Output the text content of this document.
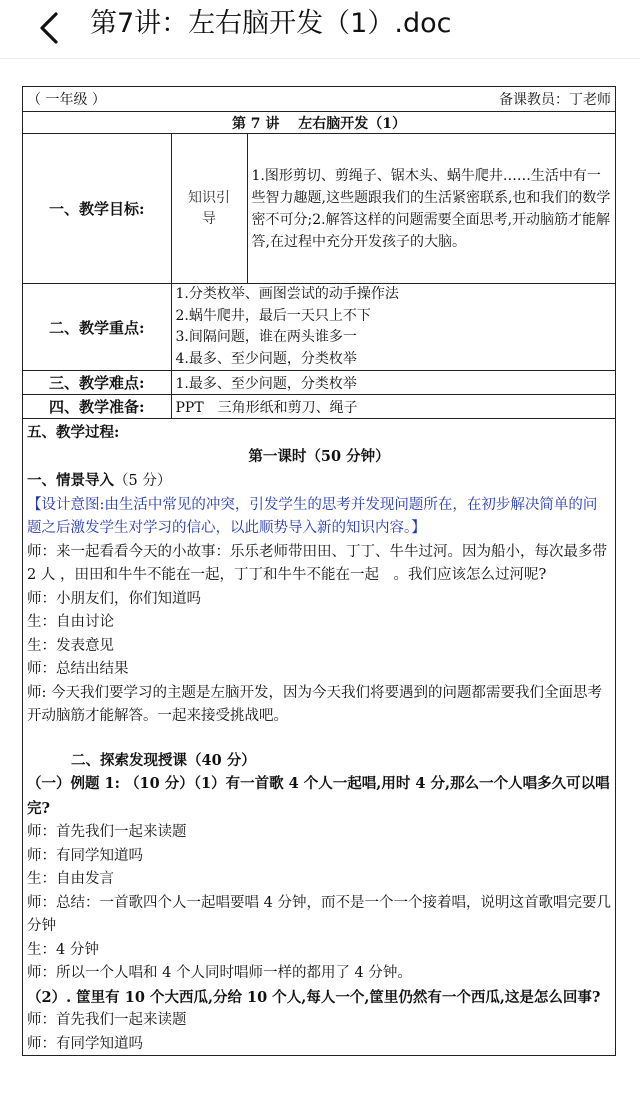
第7讲：左右脑开发（1）.doc
（ 一年级 ） 备课教员：丁老师		

第 7 讲　 左右脑开发（1）		
一、教学目标:	知识引导	1.图形剪切、剪绳子、锯木头、蜗牛爬井……生活中有一些智力趣题,这些题跟我们的生活紧密联系,也和我们的数学密不可分;2.解答这样的问题需要全面思考,开动脑筋才能解答,在过程中充分开发孩子的大脑。
二、教学重点:	1.分类枚举、画图尝试的动手操作法
2.蜗牛爬井，最后一天只上不下
3.间隔问题，谁在两头谁多一
4.最多、至少问题，分类枚举	

三、教学难点:	1.最多、至少问题，分类枚举	
四、教学准备:	PPT　三角形纸和剪刀、绳子	

五、教学过程:

第一课时（50 分钟）

一、情景导入（5 分）

【设计意图:由生活中常见的冲突，引发学生的思考并发现问题所在，在初步解决简单的问题之后激发学生对学习的信心，以此顺势导入新的知识内容。】

师：来一起看看今天的小故事：乐乐老师带田田、丁丁、牛牛过河。因为船小，每次最多带 2 人 ，田田和牛牛不能在一起，丁丁和牛牛不能在一起　。我们应该怎么过河呢?

师：小朋友们，你们知道吗

生：自由讨论

生：发表意见

师：总结出结果

师: 今天我们要学习的主题是左脑开发，因为今天我们将要遇到的问题都需要我们全面思考开动脑筋才能解答。一起来接受挑战吧。

二、探索发现授课（40 分）

（一）例题 1: （10 分）（1）有一首歌 4 个人一起唱,用时 4 分,那么一个人唱多久可以唱完?

师：首先我们一起来读题

师：有同学知道吗

生：自由发言

师：总结：一首歌四个人一起唱要唱 4 分钟，而不是一个一个接着唱，说明这首歌唱完要几分钟

生：4 分钟

师：所以一个人唱和 4 个人同时唱师一样的都用了 4 分钟。

（2）. 筐里有 10 个大西瓜,分给 10 个人,每人一个,筐里仍然有一个西瓜,这是怎么回事?

师：首先我们一起来读题

师：有同学知道吗
